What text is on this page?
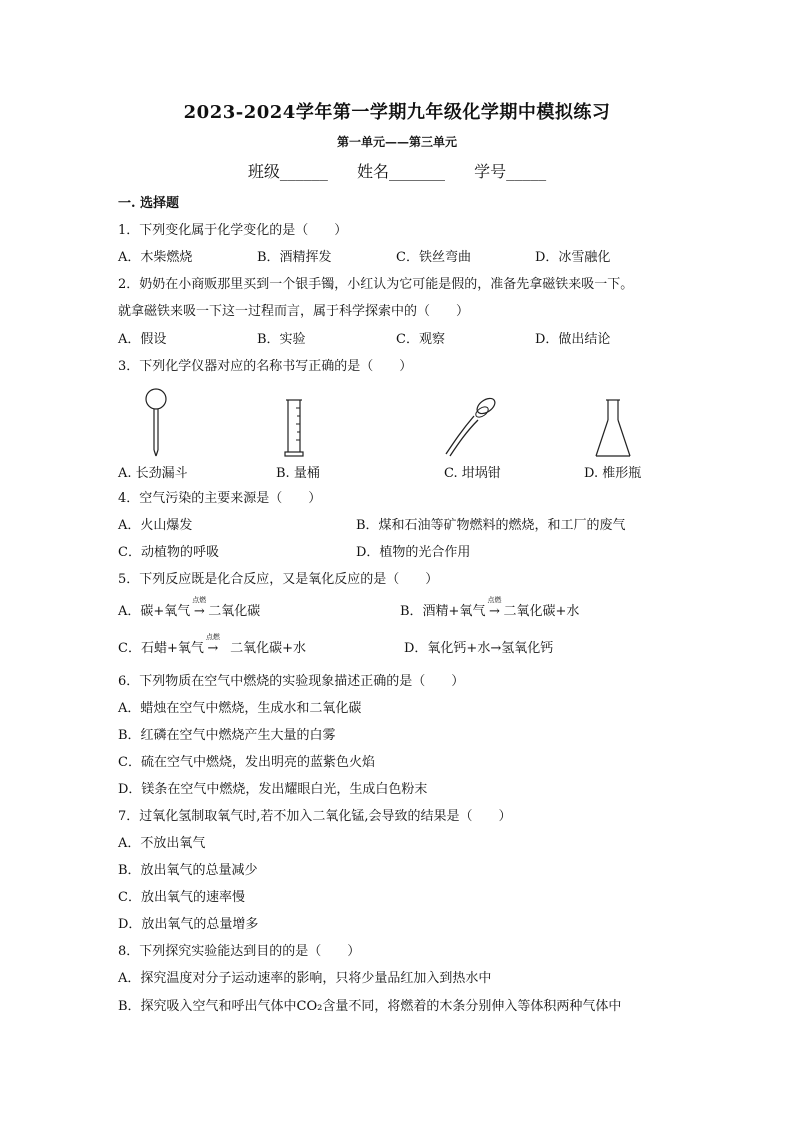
2023-2024学年第一学期九年级化学期中模拟练习
第一单元——第三单元
班级______ 姓名_______ 学号_____
一. 选择题
1．下列变化属于化学变化的是（　　）
A．木柴燃烧	B．酒精挥发	C．铁丝弯曲	D．冰雪融化
2．奶奶在小商贩那里买到一个银手镯，小红认为它可能是假的，准备先拿磁铁来吸一下。
就拿磁铁来吸一下这一过程而言，属于科学探索中的（　　）
A．假设	B．实验	C．观察	D．做出结论
3．下列化学仪器对应的名称书写正确的是（　　）
A. 长劲漏斗	B. 量桶	C. 坩埚钳	D. 椎形瓶
4．空气污染的主要来源是（　　）
A．火山爆发	B．煤和石油等矿物燃料的燃烧，和工厂的废气
C．动植物的呼吸	D．植物的光合作用
5．下列反应既是化合反应，又是氧化反应的是（　　）
A．碳+氧气
点燃
→ 二氧化碳	B．酒精+氧气
点燃
→ 二氧化碳+水
C．石蜡+氧气
点燃
→ 二氧化碳+水	D．氧化钙+水→氢氧化钙
6．下列物质在空气中燃烧的实验现象描述正确的是（　　）
A．蜡烛在空气中燃烧，生成水和二氧化碳
B．红磷在空气中燃烧产生大量的白雾
C．硫在空气中燃烧，发出明亮的蓝紫色火焰
D．镁条在空气中燃烧，发出耀眼白光，生成白色粉末
7．过氧化氢制取氧气时,若不加入二氧化锰,会导致的结果是（　　）
A．不放出氧气
B．放出氧气的总量减少
C．放出氧气的速率慢
D．放出氧气的总量增多
8．下列探究实验能达到目的的是（　　）
A．探究温度对分子运动速率的影响，只将少量品红加入到热水中
B．探究吸入空气和呼出气体中CO₂含量不同，将燃着的木条分别伸入等体积两种气体中
